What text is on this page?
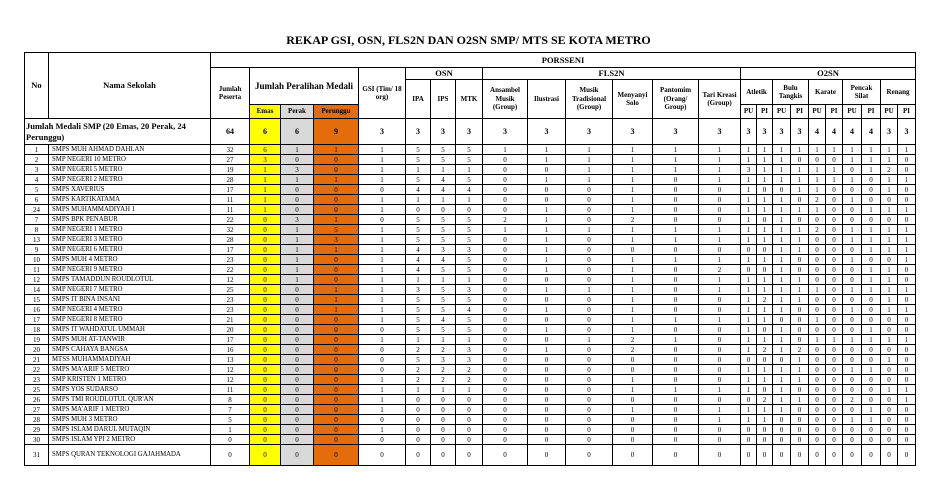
REKAP GSI, OSN, FLS2N DAN O2SN SMP/ MTS SE KOTA METRO
No	Nama Sekolah	PORSSENI																							
		Jumlah Peserta	Jumlah Peralihan Medali			GSI (Tim/ 18 org)	OSN			FLS2N						O2SN									
							IPA	IPS	MTK	Ansambel Musik (Group)	Ilustrasi	Musik Tradisional (Group)	Menyanyi Solo	Pantomim (Orang/ Group)	Tari Kreasi (Group)	Atletik		Bulu Tangkis		Karate		Pencak Silat		Renang	
			Emas	Perak	Perunggu											PU	PI	PU	PI	PU	PI	PU	PI	PU	PI
Jumlah Medali SMP (20 Emas, 20 Perak, 24 Perunggu)		64	6	6	9	3	3	3	3	3	3	3	3	3	3	3	3	3	3	4	4	4	4	3	3
1	SMPS MUH AHMAD DAHLAN	32	6	1	1	1	5	5	5	1	1	1	1	1	1	1	1	1	1	1	1	1	1	1	1
2	SMP NEGERI 10 METRO	27	3	0	0	1	5	5	5	0	1	1	1	1	1	1	1	1	0	0	0	1	1	1	0
3	SMP NEGERI 5 METRO	19	1	3	0	1	1	1	1	0	0	1	1	1	1	3	1	1	1	1	1	0	1	2	0
4	SMP NEGERI 2 METRO	28	1	1	1	1	5	4	5	0	1	1	1	0	1	1	1	1	1	1	1	1	0	1	1
5	SMPS XAVERIUS	17	1	0	0	0	4	4	4	0	0	0	1	0	0	1	0	0	1	1	0	0	0	1	0
6	SMPS KARTIKATAMA	11	1	0	0	1	1	1	1	0	0	0	1	0	0	1	1	1	0	2	0	1	0	0	0
24	SMPS MUHAMMADIYAH 1	11	1	0	0	1	0	0	0	0	1	0	1	0	0	1	1	1	1	1	0	0	1	1	1
7	SMPS BPK PENABUR	22	0	3	1	0	5	5	5	2	1	0	2	0	0	1	0	1	0	0	0	0	0	0	0
8	SMP NEGERI 1 METRO	32	0	1	5	1	5	5	5	1	1	1	1	1	1	1	1	1	1	2	0	1	1	1	1
13	SMP NEGERI 3 METRO	28	0	1	3	1	5	5	5	0	1	0	1	1	1	1	1	1	1	0	0	1	1	1	1
9	SMP NEGERI 6 METRO	17	0	1	1	1	4	3	3	0	1	0	0	0	0	0	0	1	1	0	0	0	1	1	1
10	SMPS MUH 4 METRO	23	0	1	0	1	4	4	5	0	1	0	1	1	1	1	1	1	0	0	0	1	0	0	1
11	SMP NEGERI 9 METRO	22	0	1	0	1	4	5	5	0	1	0	1	0	2	0	0	1	0	0	0	0	1	1	0
12	SMPS TAMADDUN ROUDLOTUL	12	0	1	0	1	1	1	1	0	0	0	1	0	1	1	1	1	1	0	0	0	1	1	0
14	SMP NEGERI 7 METRO	25	0	0	1	1	3	5	3	0	1	1	1	0	1	1	1	1	1	1	0	1	1	1	1
15	SMPS IT BINA INSANI	23	0	0	1	1	5	5	5	0	0	0	1	0	0	1	2	1	1	0	0	0	0	1	0
16	SMP NEGERI 4 METRO	23	0	0	1	1	5	5	4	0	1	0	1	0	0	1	1	1	0	0	0	1	0	1	1
17	SMP NEGERI 8 METRO	21	0	0	0	1	5	4	5	0	0	0	1	1	1	1	1	0	0	1	0	0	0	0	0
18	SMPS IT WAHDATUL UMMAH	20	0	0	0	0	5	5	5	0	1	0	1	0	0	1	0	1	0	0	0	0	1	0	0
19	SMPS MUH AT-TANWIR	17	0	0	0	1	1	1	1	0	0	1	2	1	0	1	1	1	0	1	1	1	1	1	1
20	SMPS CAHAYA BANGSA	16	0	0	0	0	2	2	3	0	1	0	2	0	0	1	2	1	2	0	0	0	0	0	0
21	MTSS MUHAMMADIYAH	13	0	0	0	0	5	3	3	0	0	0	0	0	0	0	0	0	1	0	0	0	0	1	0
22	SMPS MA'ARIF 5 METRO	12	0	0	0	0	2	2	2	0	0	0	0	0	0	1	1	1	1	0	0	1	1	0	0
23	SMP KRISTEN 1 METRO	12	0	0	0	1	2	2	2	0	0	0	1	0	0	1	1	1	1	0	0	0	0	0	0
25	SMPS YOS SUDARSO	11	0	0	0	1	1	1	1	0	0	0	1	1	1	1	0	1	0	0	0	0	0	1	1
26	SMPS TMI ROUDLOTUL QUR'AN	8	0	0	0	1	0	0	0	0	0	0	0	0	0	0	2	1	1	0	0	2	0	0	1
27	SMPS MA'ARIF 1 METRO	7	0	0	0	1	0	0	0	0	0	0	1	0	1	1	1	1	0	0	0	0	1	0	0
28	SMPS MUH 3 METRO	5	0	0	0	0	0	0	0	0	0	0	0	0	1	1	1	0	0	0	0	1	1	0	0
29	SMPS ISLAM DARUL MUTAQIN	1	0	0	0	1	0	0	0	0	0	0	0	0	0	0	0	0	0	0	0	0	0	0	0
30	SMPS ISLAM YPI 2 METRO	0	0	0	0	0	0	0	0	0	0	0	0	0	0	0	0	0	0	0	0	0	0	0	0
31	SMPS QURAN TEKNOLOGI GAJAHMADA	0	0	0	0	0	0	0	0	0	0	0	0	0	0	0	0	0	0	0	0	0	0	0	0
